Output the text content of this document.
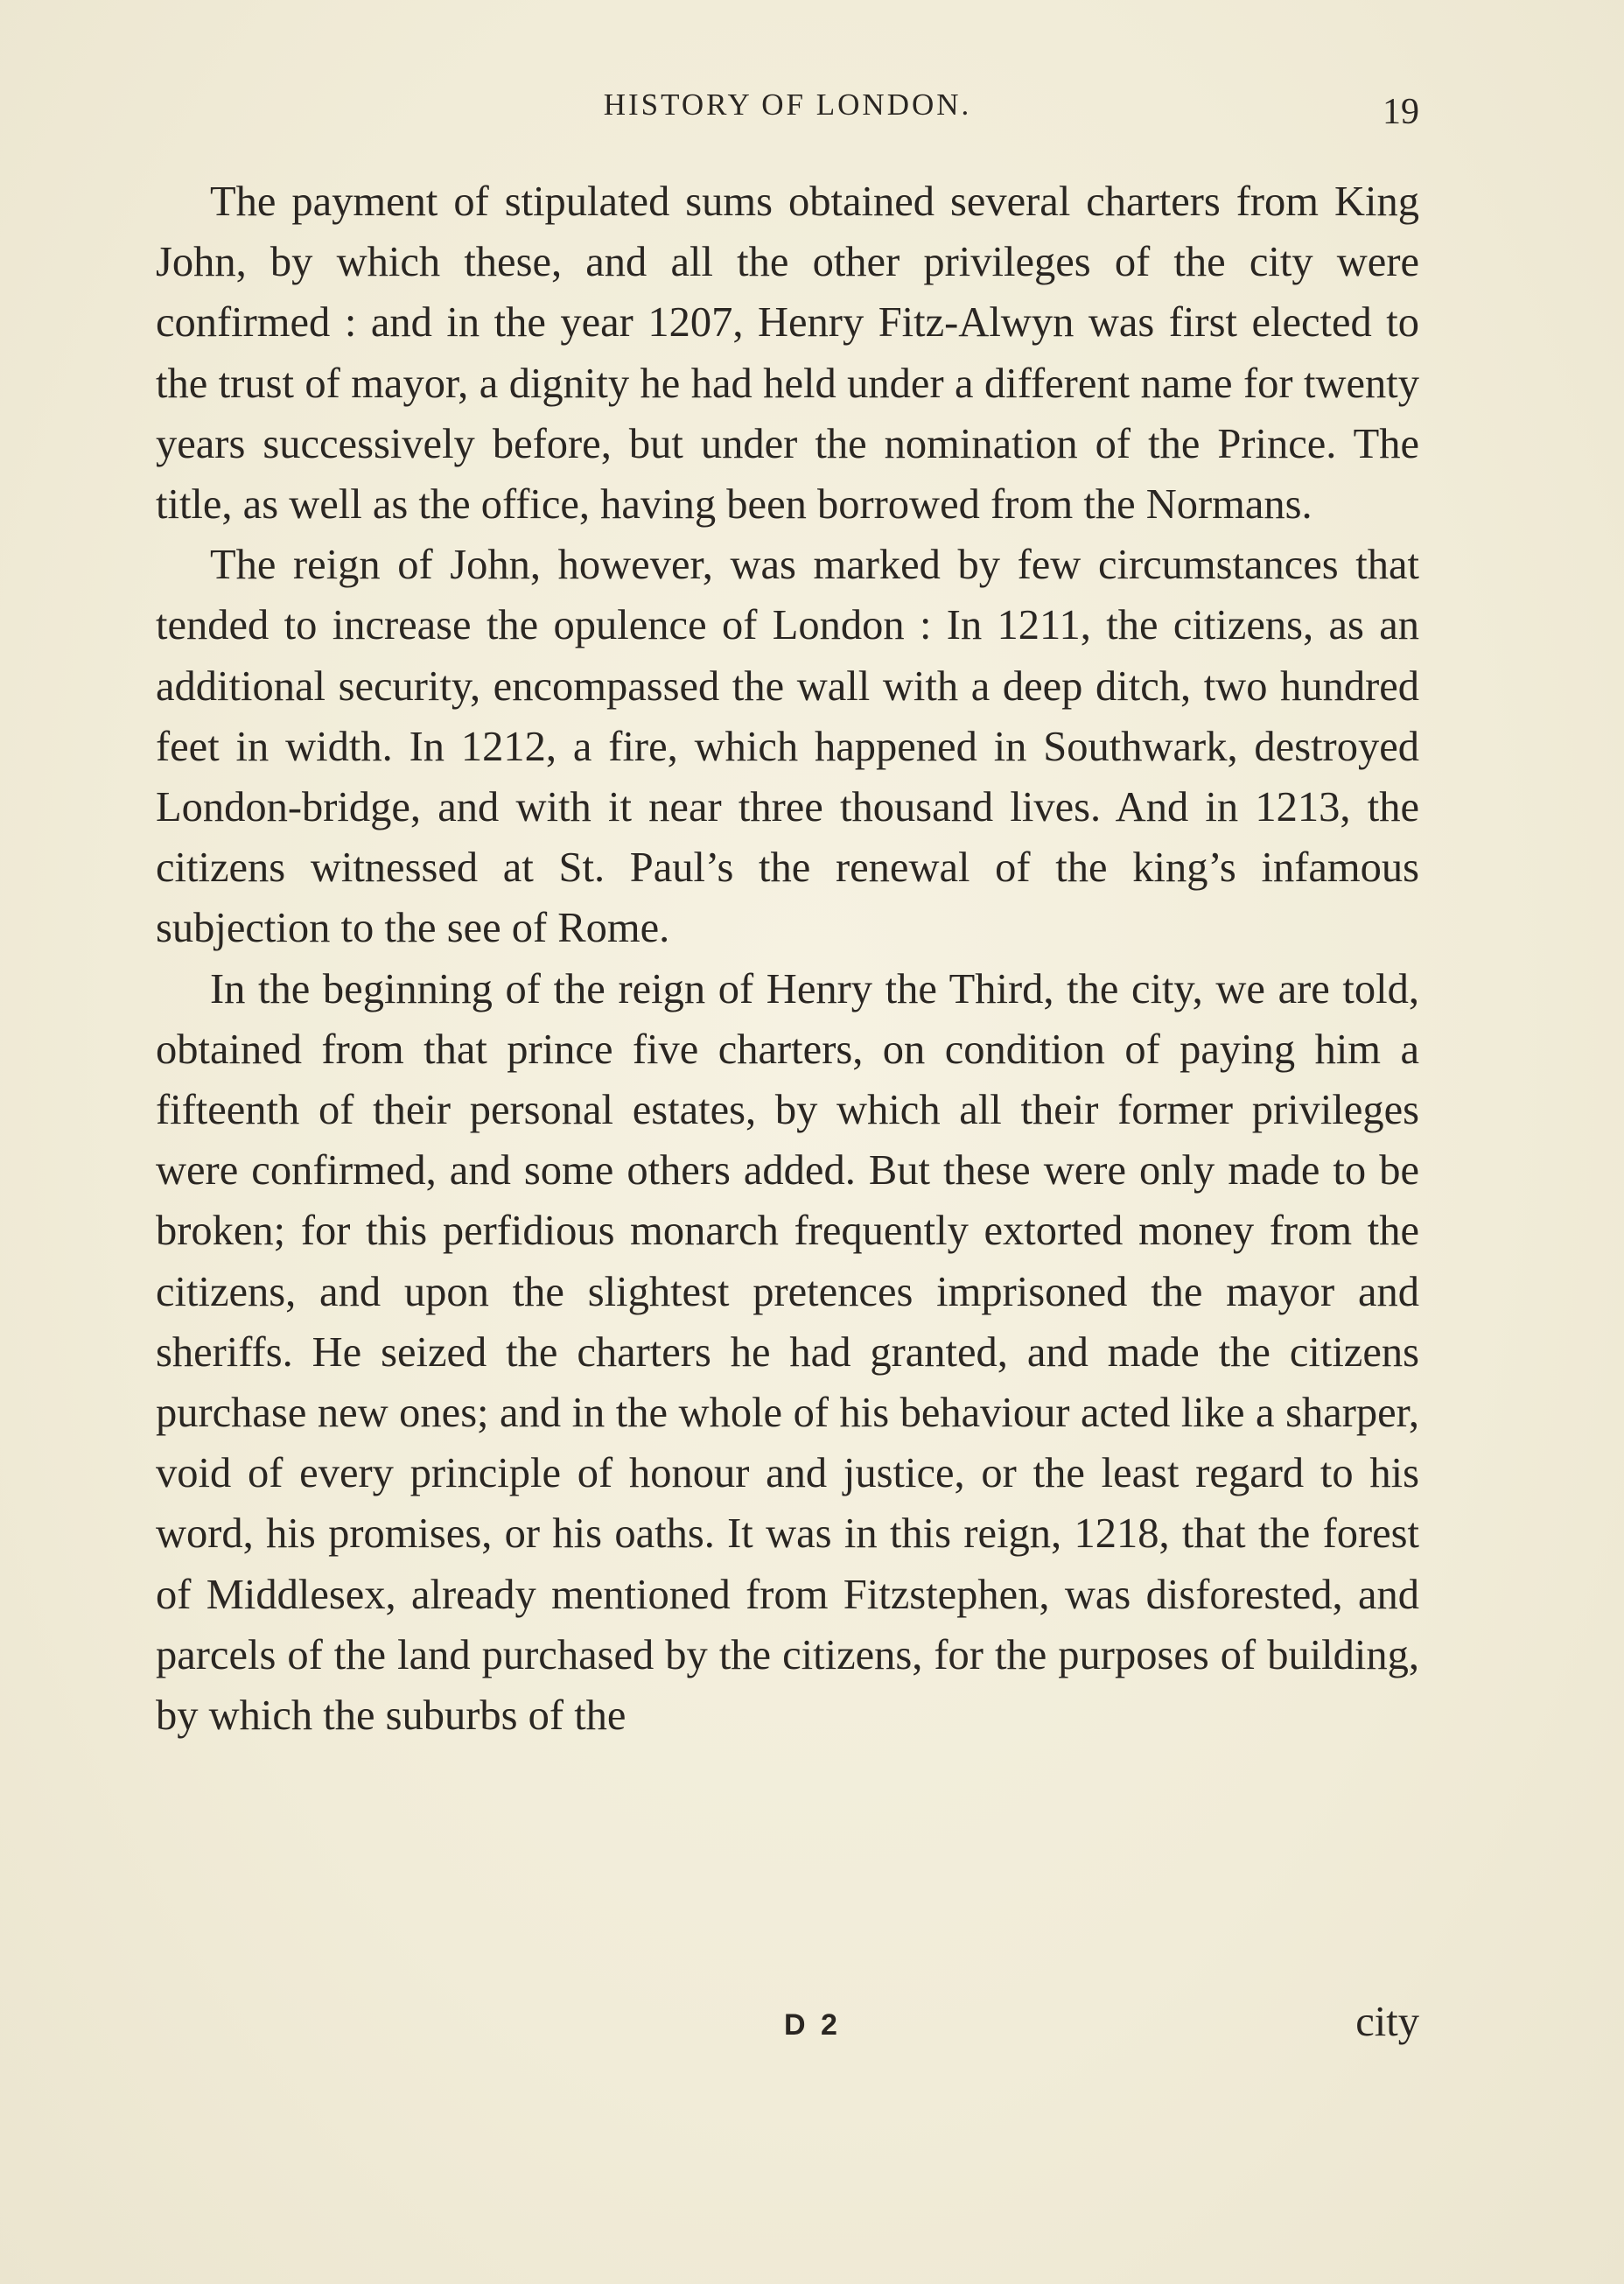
HISTORY OF LONDON.	19

The payment of stipulated sums obtained several charters from King John, by which these, and all the other privileges of the city were confirmed : and in the year 1207, Henry Fitz-Alwyn was first elected to the trust of mayor, a dignity he had held under a different name for twenty years successively before, but under the nomination of the Prince. The title, as well as the office, having been borrowed from the Normans.

The reign of John, however, was marked by few circumstances that tended to increase the opulence of London : In 1211, the citizens, as an additional security, encompassed the wall with a deep ditch, two hundred feet in width. In 1212, a fire, which happened in Southwark, destroyed London-bridge, and with it near three thousand lives. And in 1213, the citizens witnessed at St. Paul’s the renewal of the king’s infamous subjection to the see of Rome.

In the beginning of the reign of Henry the Third, the city, we are told, obtained from that prince five charters, on condition of paying him a fifteenth of their personal estates, by which all their former privileges were confirmed, and some others added. But these were only made to be broken; for this perfidious monarch frequently extorted money from the citizens, and upon the slightest pretences imprisoned the mayor and sheriffs. He seized the charters he had granted, and made the citizens purchase new ones; and in the whole of his behaviour acted like a sharper, void of every principle of honour and justice, or the least regard to his word, his promises, or his oaths. It was in this reign, 1218, that the forest of Middlesex, already mentioned from Fitzstephen, was disforested, and parcels of the land purchased by the citizens, for the purposes of building, by which the suburbs of the

D 2	city
